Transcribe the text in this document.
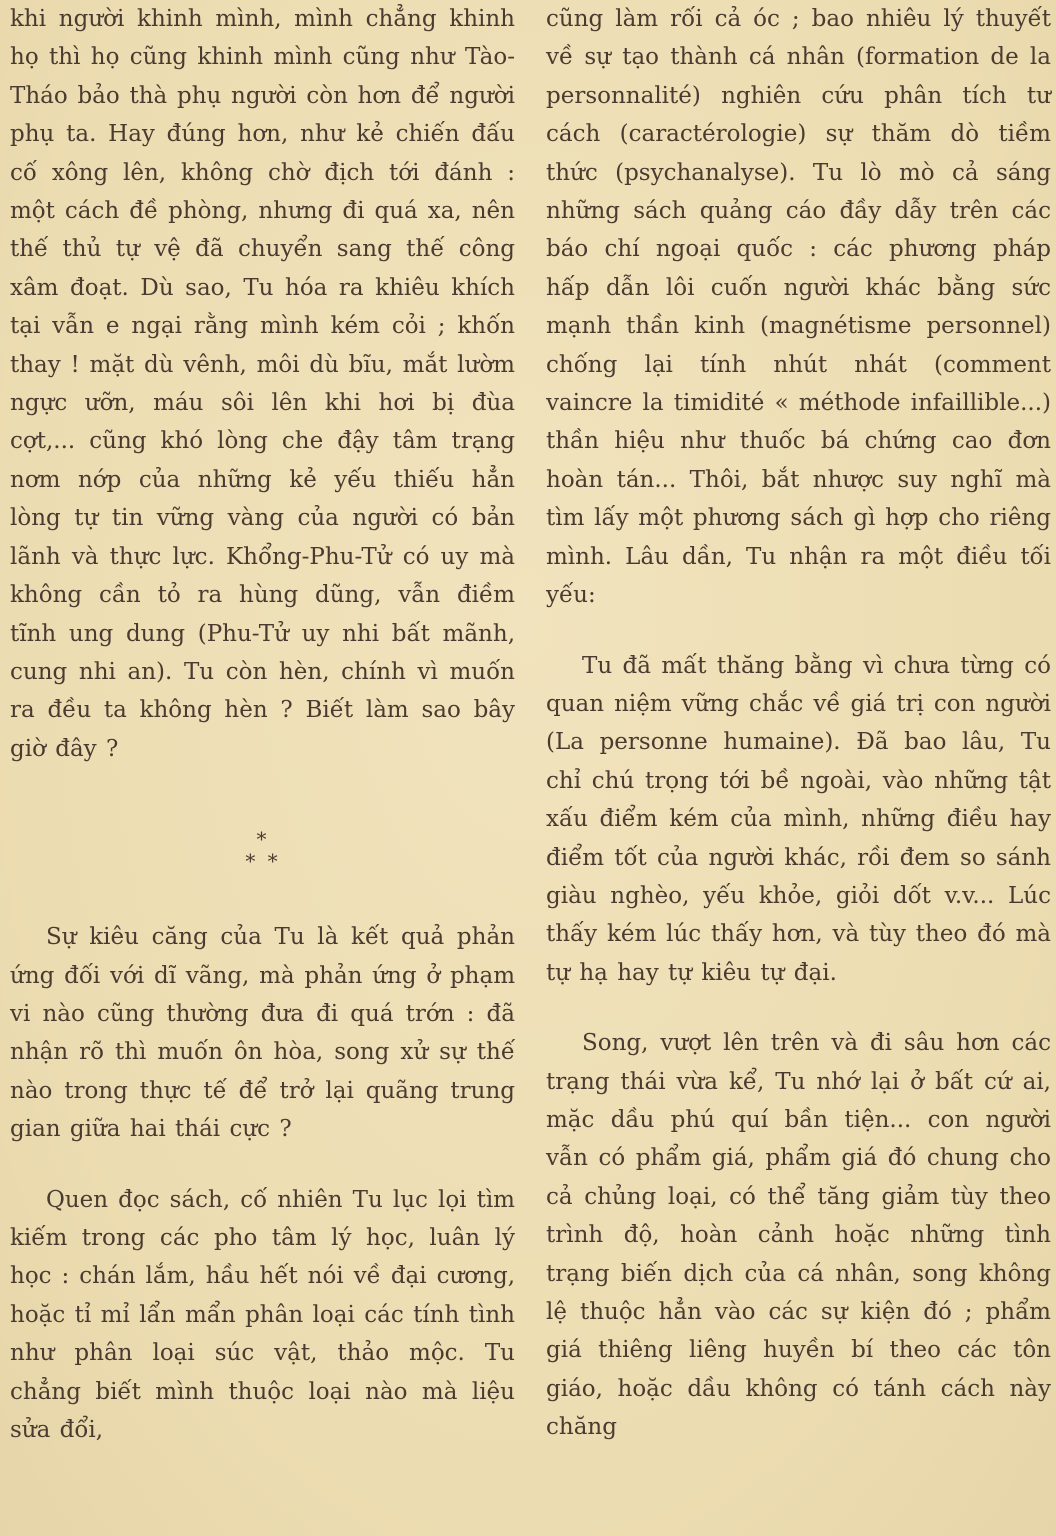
khi người khinh mình, mình chẳng khinh họ thì họ cũng khinh mình cũng như Tào-Tháo bảo thà phụ người còn hơn để người phụ ta. Hay đúng hơn, như kẻ chiến đấu cố xông lên, không chờ địch tới đánh : một cách đề phòng, nhưng đi quá xa, nên thế thủ tự vệ đã chuyển sang thế công xâm đoạt. Dù sao, Tu hóa ra khiêu khích tại vẫn e ngại rằng mình kém cỏi ; khốn thay ! mặt dù vênh, môi dù bĩu, mắt lườm ngực ưỡn, máu sôi lên khi hơi bị đùa cợt,... cũng khó lòng che đậy tâm trạng nơm nớp của những kẻ yếu thiếu hẳn lòng tự tin vững vàng của người có bản lãnh và thực lực. Khổng-Phu-Tử có uy mà không cần tỏ ra hùng dũng, vẫn điềm tĩnh ung dung (Phu-Tử uy nhi bất mãnh, cung nhi an). Tu còn hèn, chính vì muốn ra đều ta không hèn ? Biết làm sao bây giờ đây ?

*
* *

Sự kiêu căng của Tu là kết quả phản ứng đối với dĩ vãng, mà phản ứng ở phạm vi nào cũng thường đưa đi quá trớn : đã nhận rõ thì muốn ôn hòa, song xử sự thế nào trong thực tế để trở lại quãng trung gian giữa hai thái cực ?

Quen đọc sách, cố nhiên Tu lục lọi tìm kiếm trong các pho tâm lý học, luân lý học : chán lắm, hầu hết nói về đại cương, hoặc tỉ mỉ lẩn mẩn phân loại các tính tình như phân loại súc vật, thảo mộc. Tu chẳng biết mình thuộc loại nào mà liệu sửa đổi,

cũng làm rối cả óc ; bao nhiêu lý thuyết về sự tạo thành cá nhân (formation de la personnalité) nghiên cứu phân tích tư cách (caractérologie) sự thăm dò tiềm thức (psychanalyse). Tu lò mò cả sáng những sách quảng cáo đầy dẫy trên các báo chí ngoại quốc : các phương pháp hấp dẫn lôi cuốn người khác bằng sức mạnh thần kinh (magnétisme personnel) chống lại tính nhút nhát (comment vaincre la timidité « méthode infaillible...) thần hiệu như thuốc bá chứng cao đơn hoàn tán... Thôi, bắt nhược suy nghĩ mà tìm lấy một phương sách gì hợp cho riêng mình. Lâu dần, Tu nhận ra một điều tối yếu:

Tu đã mất thăng bằng vì chưa từng có quan niệm vững chắc về giá trị con người (La personne humaine). Đã bao lâu, Tu chỉ chú trọng tới bề ngoài, vào những tật xấu điểm kém của mình, những điều hay điểm tốt của người khác, rồi đem so sánh giàu nghèo, yếu khỏe, giỏi dốt v.v... Lúc thấy kém lúc thấy hơn, và tùy theo đó mà tự hạ hay tự kiêu tự đại.

Song, vượt lên trên và đi sâu hơn các trạng thái vừa kể, Tu nhớ lại ở bất cứ ai, mặc dầu phú quí bần tiện... con người vẫn có phẩm giá, phẩm giá đó chung cho cả chủng loại, có thể tăng giảm tùy theo trình độ, hoàn cảnh hoặc những tình trạng biến dịch của cá nhân, song không lệ thuộc hẳn vào các sự kiện đó ; phẩm giá thiêng liêng huyền bí theo các tôn giáo, hoặc dầu không có tánh cách này chăng
